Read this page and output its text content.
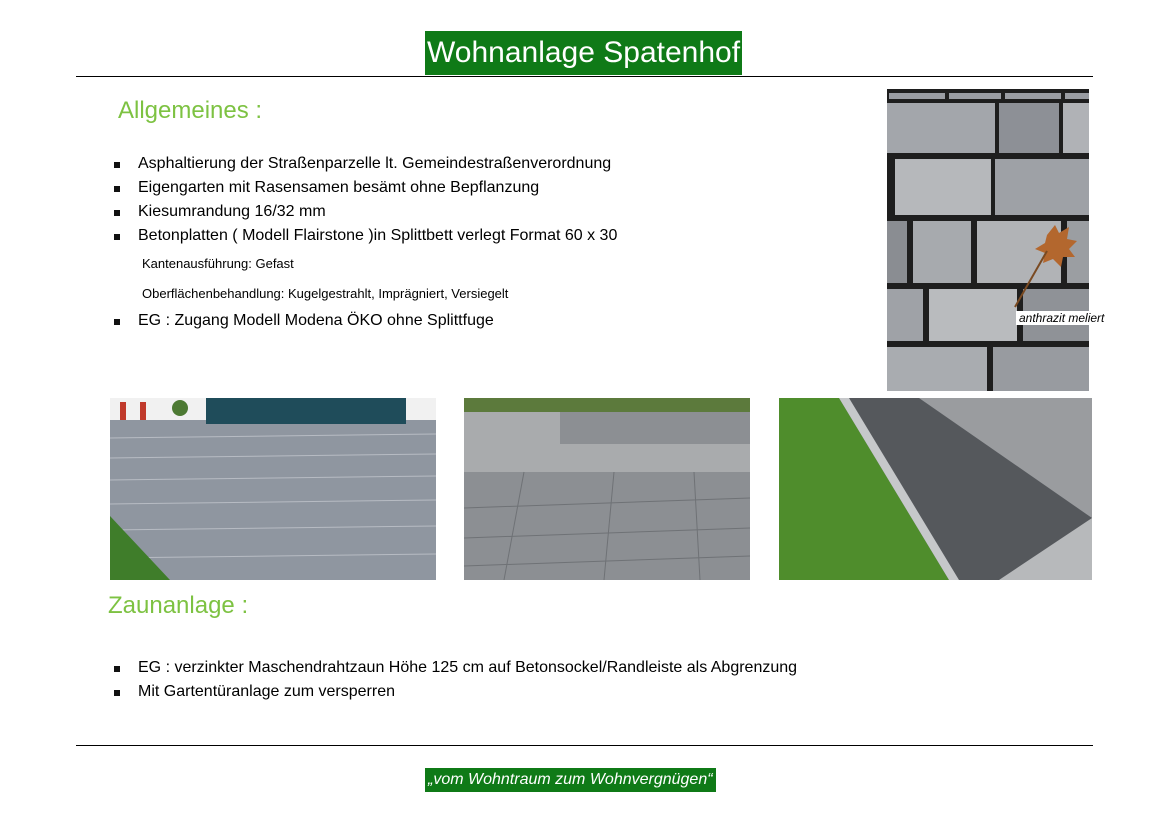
Wohnanlage Spatenhof
Allgemeines :
Asphaltierung der Straßenparzelle lt. Gemeindestraßenverordnung
Eigengarten mit Rasensamen besämt ohne Bepflanzung
Kiesumrandung 16/32 mm
Betonplatten ( Modell Flairstone )in Splittbett verlegt Format 60 x 30
Kantenausführung: Gefast
Oberflächenbehandlung: Kugelgestrahlt, Imprägniert, Versiegelt
EG : Zugang Modell Modena ÖKO ohne Splittfuge	anthrazit meliert
Zaunanlage :
EG : verzinkter Maschendrahtzaun Höhe 125 cm auf Betonsockel/Randleiste als Abgrenzung
Mit Gartentüranlage zum versperren
„vom Wohntraum zum Wohnvergnügen“
